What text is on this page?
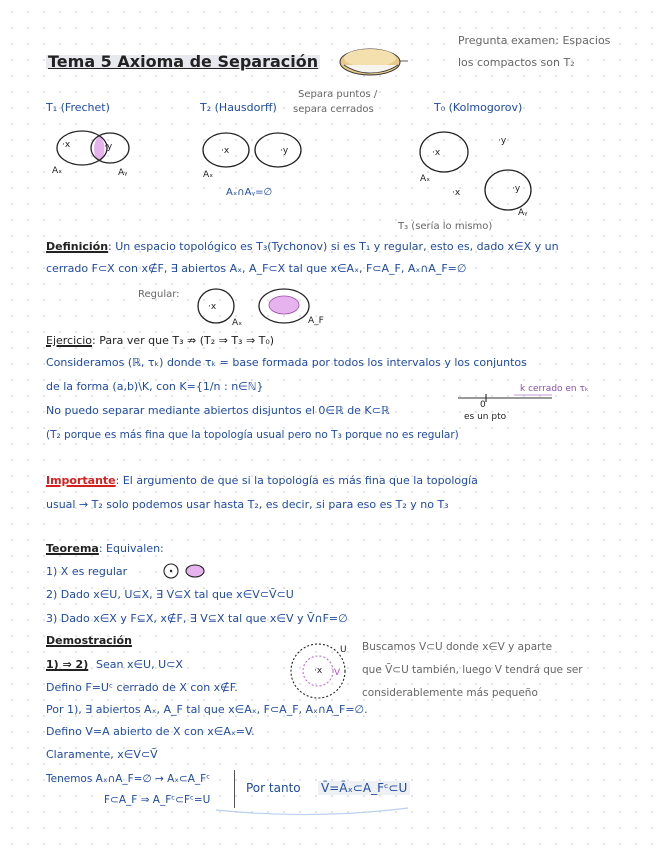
Tema 5 Axioma de Separación
Pregunta examen: Espacios
los compactos son T₂
T₁ (Frechet)	T₂ (Hausdorff)
Separa puntos /
separa cerrados	T₀ (Kolmogorov)
·x	·y
Aₓ	Aᵧ
·x	·y
Aₓ
Aₓ∩Aᵧ=∅
·x
·y
Aₓ
·x	·y
Aᵧ
T₃ (sería lo mismo)
Definición: Un espacio topológico es T₃(Tychonov) si es T₁ y regular, esto es, dado x∈X y un
cerrado F⊂X con x∉F, ∃ abiertos Aₓ, A_F⊂X tal que x∈Aₓ, F⊂A_F, Aₓ∩A_F=∅
Regular:
·x
Aₓ	A_F
Ejercicio: Para ver que T₃ ⇏ (T₂ ⇒ T₃ ⇒ T₀)
Consideramos (ℝ, τₖ) donde τₖ = base formada por todos los intervalos y los conjuntos
de la forma (a,b)\K, con K={1/n : n∈ℕ}
No puedo separar mediante abiertos disjuntos el 0∈ℝ de K⊂ℝ
(T₂ porque es más fina que la topología usual pero no T₃ porque no es regular)
0
k cerrado en τₖ
es un pto
Importante: El argumento de que si la topología es más fina que la topología
usual → T₂ solo podemos usar hasta T₂, es decir, si para eso es T₂ y no T₃
Teorema: Equivalen:
1) X es regular
2) Dado x∈U, U⊆X, ∃ V⊆X tal que x∈V⊂V̄⊂U
3) Dado x∈X y F⊆X, x∉F, ∃ V⊆X tal que x∈V y V̄∩F=∅
Demostración
1) ⇒ 2) Sean x∈U, U⊂X
Defino F=Uᶜ cerrado de X con x∉F.
Por 1), ∃ abiertos Aₓ, A_F tal que x∈Aₓ, F⊂A_F, Aₓ∩A_F=∅.
Defino V=A abierto de X con x∈Aₓ=V.
Claramente, x∈V⊂V̄
Tenemos Aₓ∩A_F=∅ → Aₓ⊂A_Fᶜ
F⊂A_F ⇒ A_Fᶜ⊂Fᶜ=U
Por tanto V̄=Āₓ⊂A_Fᶜ⊂U
U
V
·x
Buscamos V⊂U donde x∈V y aparte
que V̄⊂U también, luego V tendrá que ser
considerablemente más pequeño
